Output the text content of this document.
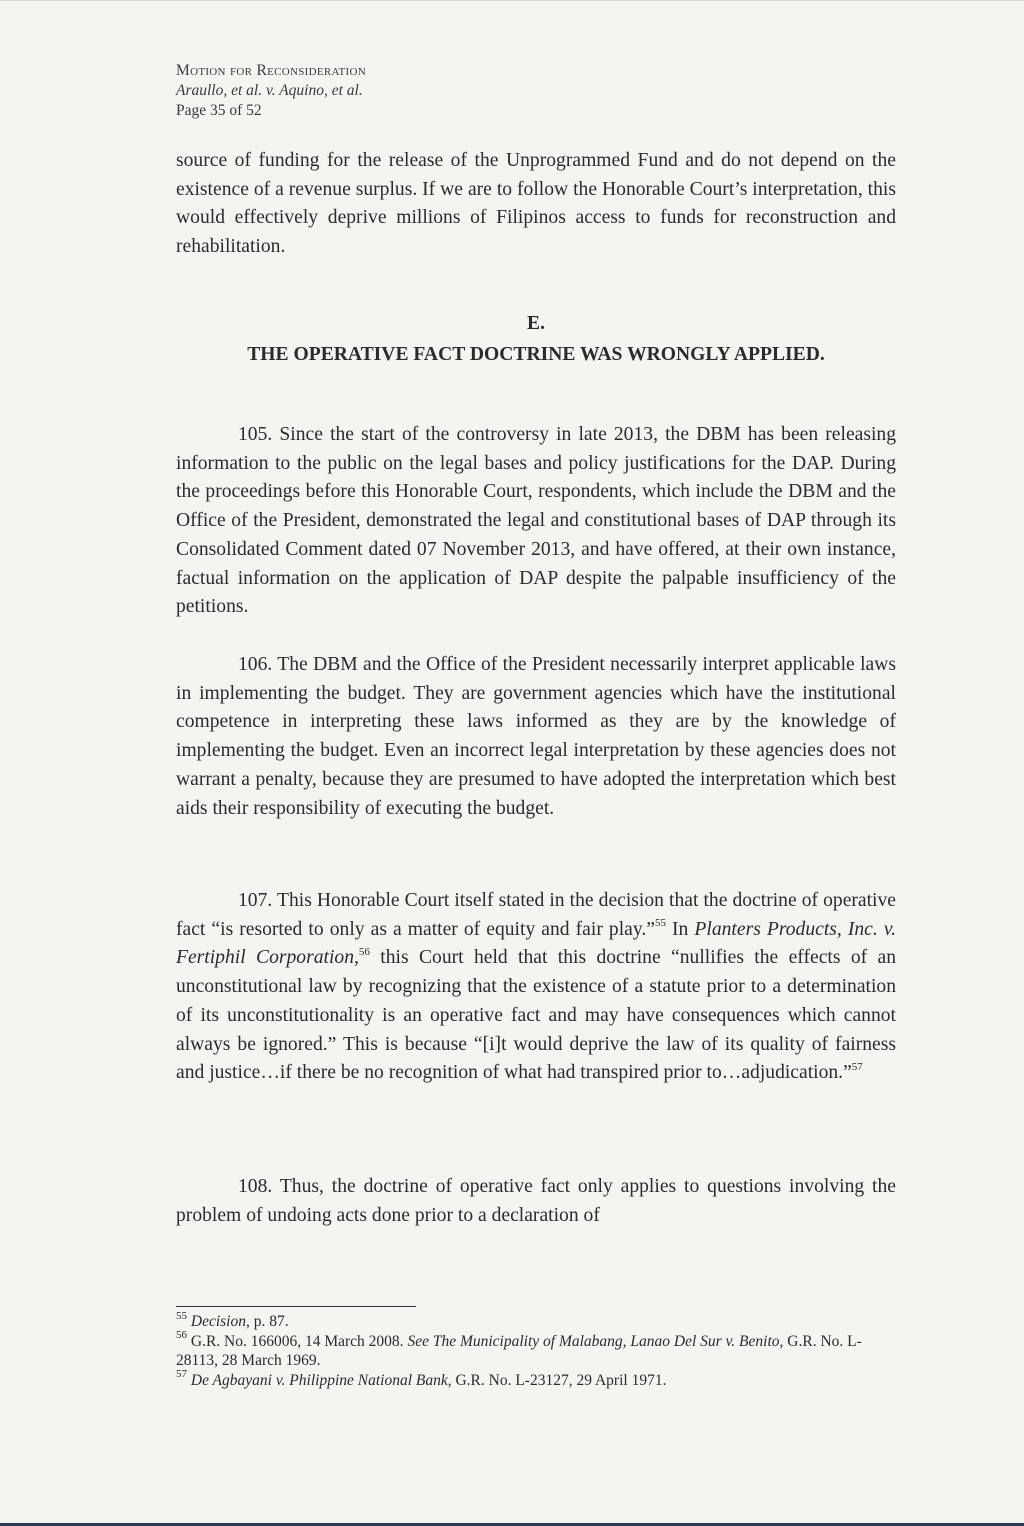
Motion for Reconsideration
Araullo, et al. v. Aquino, et al.
Page 35 of 52

source of funding for the release of the Unprogrammed Fund and do not depend on the existence of a revenue surplus. If we are to follow the Honorable Court’s interpretation, this would effectively deprive millions of Filipinos access to funds for reconstruction and rehabilitation.

E.
THE OPERATIVE FACT DOCTRINE WAS WRONGLY APPLIED.

105. Since the start of the controversy in late 2013, the DBM has been releasing information to the public on the legal bases and policy justifications for the DAP. During the proceedings before this Honorable Court, respondents, which include the DBM and the Office of the President, demonstrated the legal and constitutional bases of DAP through its Consolidated Comment dated 07 November 2013, and have offered, at their own instance, factual information on the application of DAP despite the palpable insufficiency of the petitions.

106. The DBM and the Office of the President necessarily interpret applicable laws in implementing the budget. They are government agencies which have the institutional competence in interpreting these laws informed as they are by the knowledge of implementing the budget. Even an incorrect legal interpretation by these agencies does not warrant a penalty, because they are presumed to have adopted the interpretation which best aids their responsibility of executing the budget.

107. This Honorable Court itself stated in the decision that the doctrine of operative fact “is resorted to only as a matter of equity and fair play.”$^{55}$ In Planters Products, Inc. v. Fertiphil Corporation,$^{56}$ this Court held that this doctrine “nullifies the effects of an unconstitutional law by recognizing that the existence of a statute prior to a determination of its unconstitutionality is an operative fact and may have consequences which cannot always be ignored.” This is because “[i]t would deprive the law of its quality of fairness and justice…if there be no recognition of what had transpired prior to…adjudication.”$^{57}$

108. Thus, the doctrine of operative fact only applies to questions involving the problem of undoing acts done prior to a declaration of

$^{55}$ Decision, p. 87.
$^{56}$ G.R. No. 166006, 14 March 2008. See The Municipality of Malabang, Lanao Del Sur v. Benito, G.R. No. L-28113, 28 March 1969.
$^{57}$ De Agbayani v. Philippine National Bank, G.R. No. L-23127, 29 April 1971.
